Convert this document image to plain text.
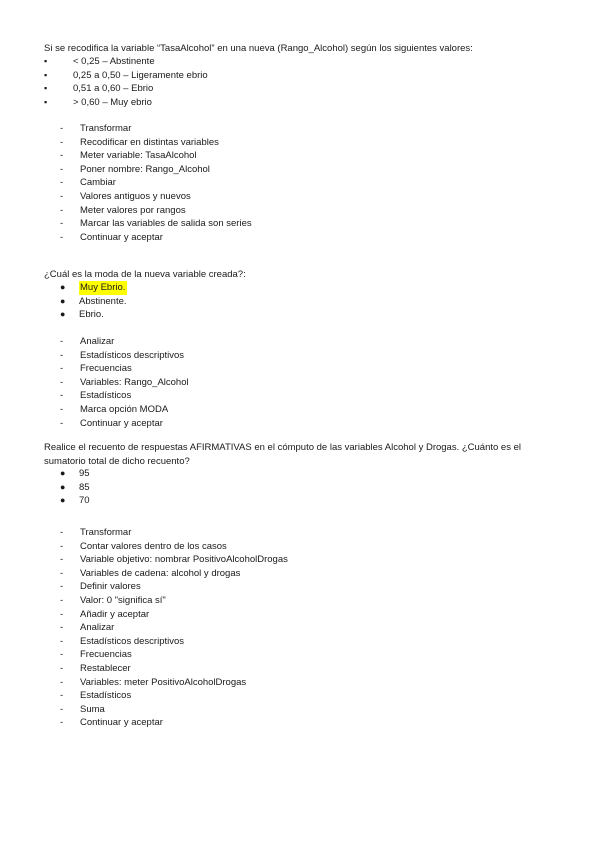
Si se recodifica la variable “TasaAlcohol” en una nueva (Rango_Alcohol) según los siguientes valores:
▪	< 0,25 – Abstinente
▪	0,25 a 0,50 – Ligeramente ebrio
▪	0,51 a 0,60 – Ebrio
▪	> 0,60 – Muy ebrio
- Transformar
- Recodificar en distintas variables
- Meter variable: TasaAlcohol
- Poner nombre: Rango_Alcohol
- Cambiar
- Valores antiguos y nuevos
- Meter valores por rangos
- Marcar las variables de salida son series
- Continuar y aceptar
¿Cuál es la moda de la nueva variable creada?:
● Muy Ebrio.
● Abstinente.
● Ebrio.
- Analizar
- Estadísticos descriptivos
- Frecuencias
- Variables: Rango_Alcohol
- Estadísticos
- Marca opción MODA
- Continuar y aceptar
Realice el recuento de respuestas AFIRMATIVAS en el cómputo de las variables Alcohol y Drogas. ¿Cuánto es el sumatorio total de dicho recuento?
● 95
● 85
● 70
- Transformar
- Contar valores dentro de los casos
- Variable objetivo: nombrar PositivoAlcoholDrogas
- Variables de cadena: alcohol y drogas
- Definir valores
- Valor: 0 "significa sí"
- Añadir y aceptar
- Analizar
- Estadísticos descriptivos
- Frecuencias
- Restablecer
- Variables: meter PositivoAlcoholDrogas
- Estadísticos
- Suma
- Continuar y aceptar
